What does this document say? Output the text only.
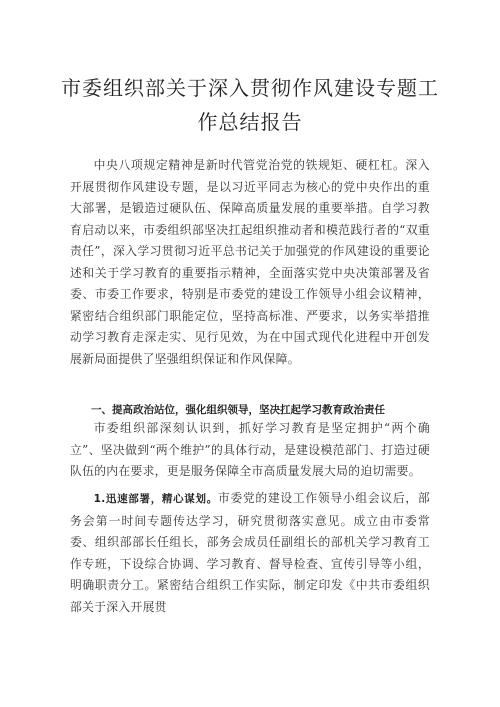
市委组织部关于深入贯彻作风建设专题工
作总结报告

中央八项规定精神是新时代管党治党的铁规矩、硬杠杠。深入开展贯彻作风建设专题，是以习近平同志为核心的党中央作出的重大部署，是锻造过硬队伍、保障高质量发展的重要举措。自学习教育启动以来，市委组织部坚决扛起组织推动者和模范践行者的“双重责任”，深入学习贯彻习近平总书记关于加强党的作风建设的重要论述和关于学习教育的重要指示精神，全面落实党中央决策部署及省委、市委工作要求，特别是市委党的建设工作领导小组会议精神，紧密结合组织部门职能定位，坚持高标准、严要求，以务实举措推动学习教育走深走实、见行见效，为在中国式现代化进程中开创发展新局面提供了坚强组织保证和作风保障。

一、提高政治站位，强化组织领导，坚决扛起学习教育政治责任

市委组织部深刻认识到，抓好学习教育是坚定拥护“两个确立”、坚决做到“两个维护”的具体行动，是建设模范部门、打造过硬队伍的内在要求，更是服务保障全市高质量发展大局的迫切需要。

1.迅速部署，精心谋划。市委党的建设工作领导小组会议后，部务会第一时间专题传达学习，研究贯彻落实意见。成立由市委常委、组织部部长任组长，部务会成员任副组长的部机关学习教育工作专班，下设综合协调、学习教育、督导检查、宣传引导等小组，明确职责分工。紧密结合组织工作实际，制定印发《中共市委组织部关于深入开展贯
